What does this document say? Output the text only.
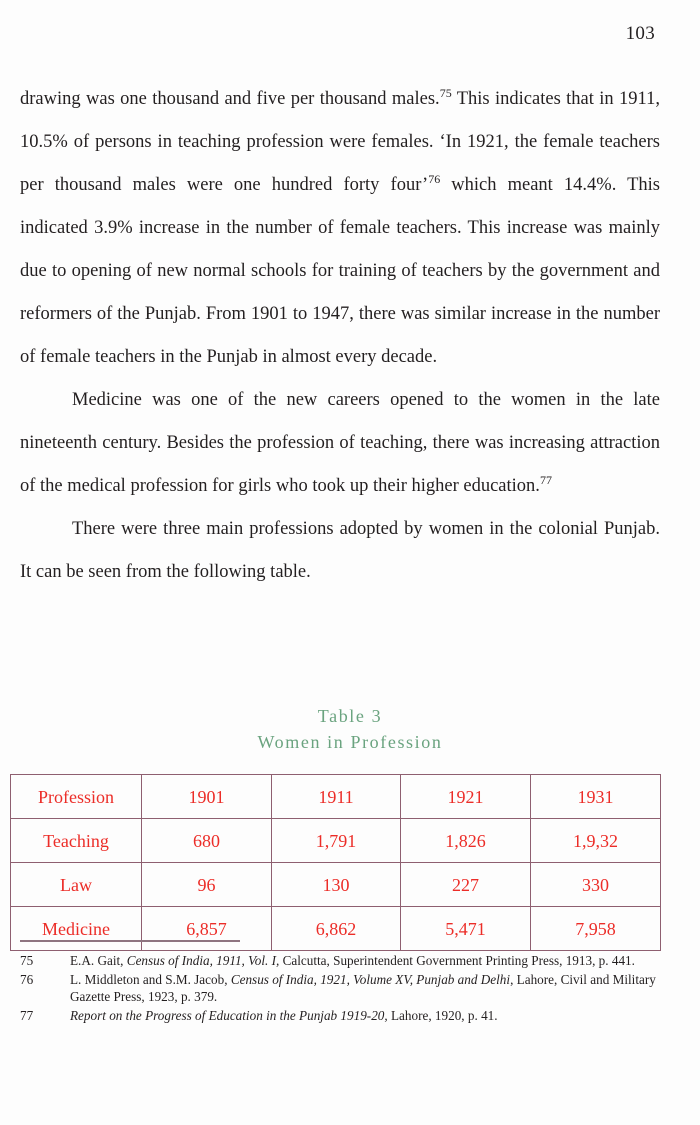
103

drawing was one thousand and five per thousand males.$^{75}$ This indicates that in 1911, 10.5% of persons in teaching profession were females. ‘In 1921, the female teachers per thousand males were one hundred forty four’$^{76}$ which meant 14.4%. This indicated 3.9% increase in the number of female teachers. This increase was mainly due to opening of new normal schools for training of teachers by the government and reformers of the Punjab. From 1901 to 1947, there was similar increase in the number of female teachers in the Punjab in almost every decade.

Medicine was one of the new careers opened to the women in the late nineteenth century. Besides the profession of teaching, there was increasing attraction of the medical profession for girls who took up their higher education.$^{77}$

There were three main professions adopted by women in the colonial Punjab. It can be seen from the following table.

Table 3
Women in Profession
Profession	1901	1911	1921	1931
Teaching	680	1,791	1,826	1,9,32
Law	96	130	227	330
Medicine	6,857	6,862	5,471	7,958
75	E.A. Gait, Census of India, 1911, Vol. I, Calcutta, Superintendent Government Printing Press, 1913, p. 441.
76	L. Middleton and S.M. Jacob, Census of India, 1921, Volume XV, Punjab and Delhi, Lahore, Civil and Military Gazette Press, 1923, p. 379.
77	Report on the Progress of Education in the Punjab 1919-20, Lahore, 1920, p. 41.
